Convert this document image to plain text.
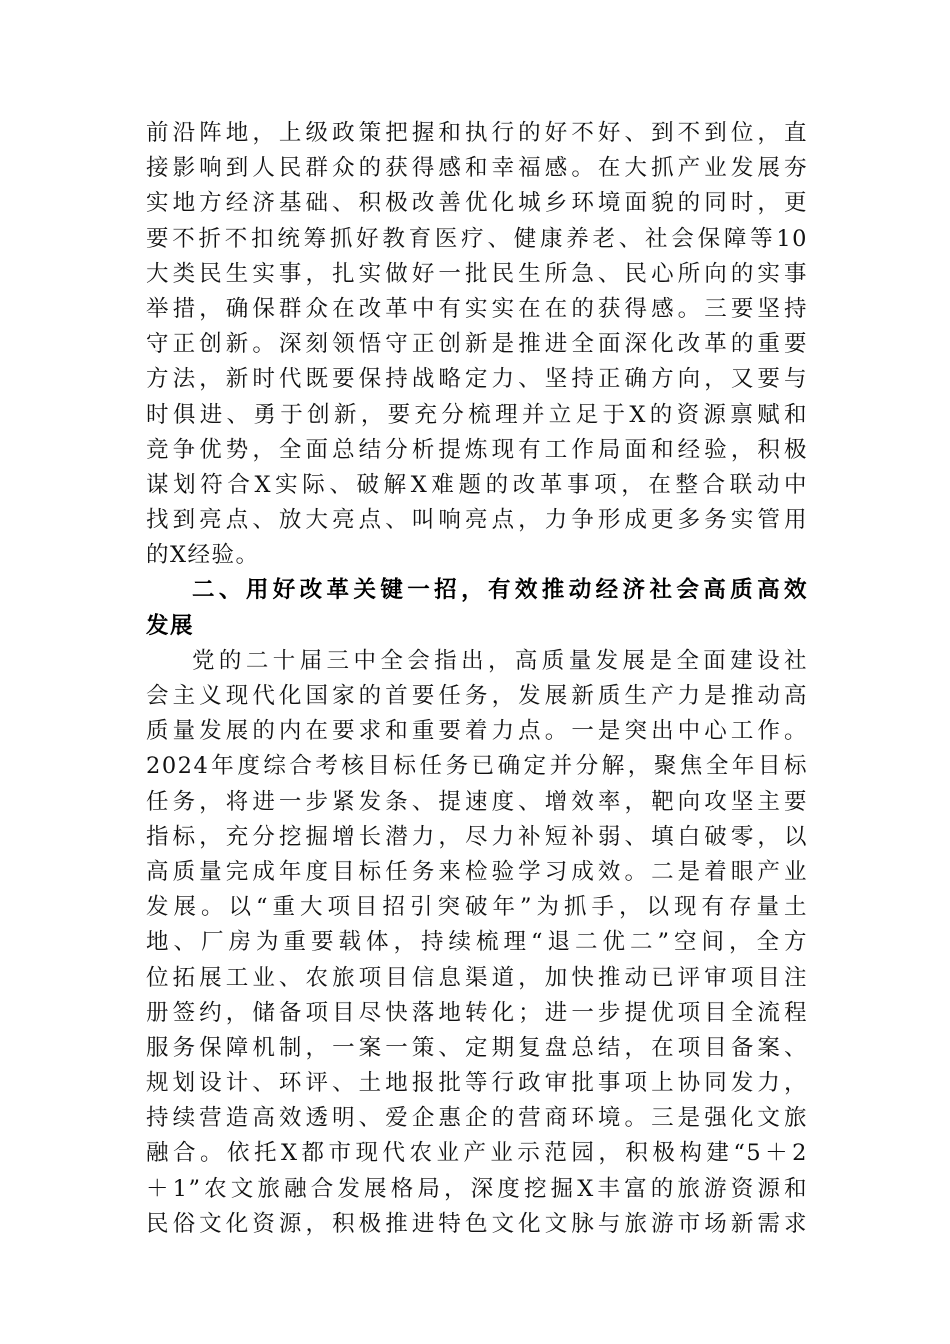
前沿阵地，上级政策把握和执行的好不好、到不到位，直
接影响到人民群众的获得感和幸福感。在大抓产业发展夯
实地方经济基础、积极改善优化城乡环境面貌的同时，更
要不折不扣统筹抓好教育医疗、健康养老、社会保障等10
大类民生实事，扎实做好一批民生所急、民心所向的实事
举措，确保群众在改革中有实实在在的获得感。三要坚持
守正创新。深刻领悟守正创新是推进全面深化改革的重要
方法，新时代既要保持战略定力、坚持正确方向，又要与
时俱进、勇于创新，要充分梳理并立足于X的资源禀赋和
竞争优势，全面总结分析提炼现有工作局面和经验，积极
谋划符合X实际、破解X难题的改革事项，在整合联动中
找到亮点、放大亮点、叫响亮点，力争形成更多务实管用
的X经验。
二、用好改革关键一招，有效推动经济社会高质高效
发展
党的二十届三中全会指出，高质量发展是全面建设社
会主义现代化国家的首要任务，发展新质生产力是推动高
质量发展的内在要求和重要着力点。一是突出中心工作。
2024年度综合考核目标任务已确定并分解，聚焦全年目标
任务，将进一步紧发条、提速度、增效率，靶向攻坚主要
指标，充分挖掘增长潜力，尽力补短补弱、填白破零，以
高质量完成年度目标任务来检验学习成效。二是着眼产业
发展。以“重大项目招引突破年”为抓手，以现有存量土
地、厂房为重要载体，持续梳理“退二优二”空间，全方
位拓展工业、农旅项目信息渠道，加快推动已评审项目注
册签约，储备项目尽快落地转化；进一步提优项目全流程
服务保障机制，一案一策、定期复盘总结，在项目备案、
规划设计、环评、土地报批等行政审批事项上协同发力，
持续营造高效透明、爱企惠企的营商环境。三是强化文旅
融合。依托X都市现代农业产业示范园，积极构建“5＋2
＋1”农文旅融合发展格局，深度挖掘X丰富的旅游资源和
民俗文化资源，积极推进特色文化文脉与旅游市场新需求
